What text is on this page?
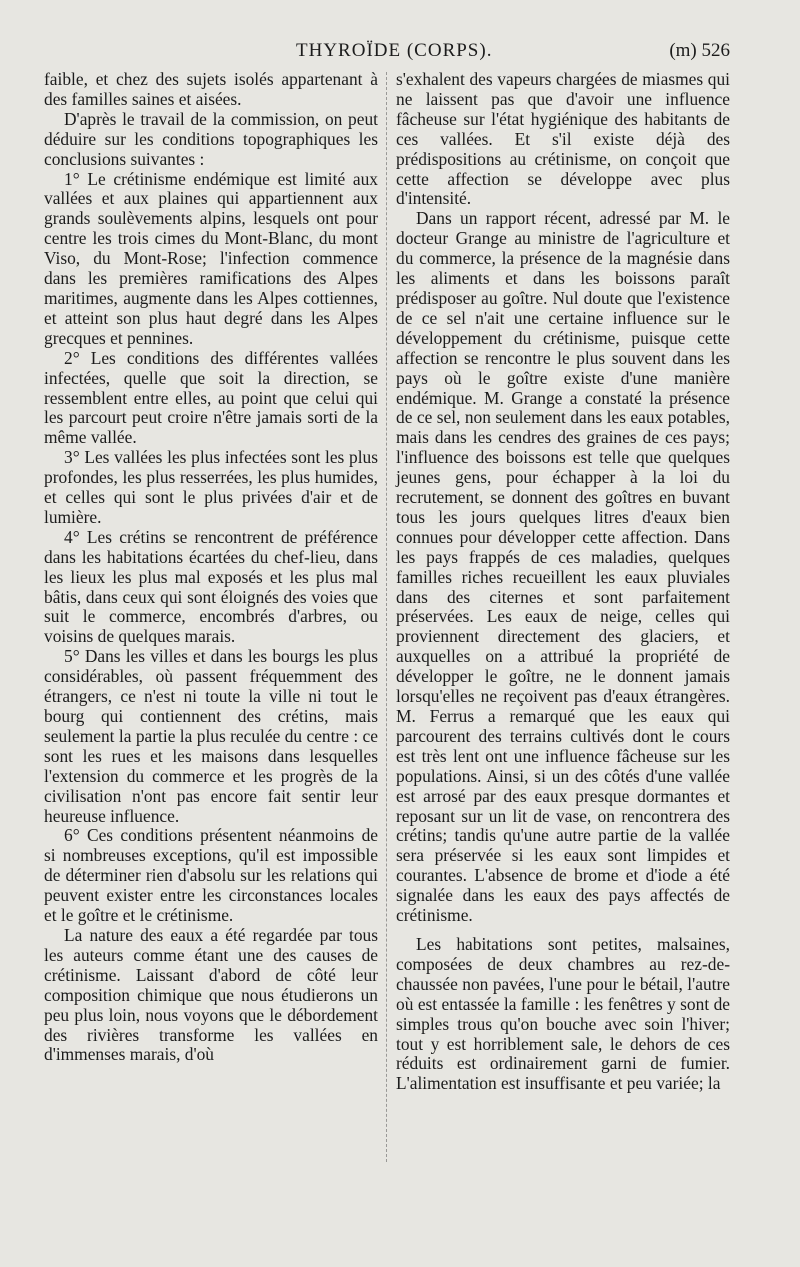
THYROÏDE (CORPS).	(m) 526

faible, et chez des sujets isolés appartenant à des familles saines et aisées.

D'après le travail de la commission, on peut déduire sur les conditions topographiques les conclusions suivantes :

1° Le crétinisme endémique est limité aux vallées et aux plaines qui appartiennent aux grands soulèvements alpins, lesquels ont pour centre les trois cimes du Mont-Blanc, du mont Viso, du Mont-Rose; l'infection commence dans les premières ramifications des Alpes maritimes, augmente dans les Alpes cottiennes, et atteint son plus haut degré dans les Alpes grecques et pennines.

2° Les conditions des différentes vallées infectées, quelle que soit la direction, se ressemblent entre elles, au point que celui qui les parcourt peut croire n'être jamais sorti de la même vallée.

3° Les vallées les plus infectées sont les plus profondes, les plus resserrées, les plus humides, et celles qui sont le plus privées d'air et de lumière.

4° Les crétins se rencontrent de préférence dans les habitations écartées du chef-lieu, dans les lieux les plus mal exposés et les plus mal bâtis, dans ceux qui sont éloignés des voies que suit le commerce, encombrés d'arbres, ou voisins de quelques marais.

5° Dans les villes et dans les bourgs les plus considérables, où passent fréquemment des étrangers, ce n'est ni toute la ville ni tout le bourg qui contiennent des crétins, mais seulement la partie la plus reculée du centre : ce sont les rues et les maisons dans lesquelles l'extension du commerce et les progrès de la civilisation n'ont pas encore fait sentir leur heureuse influence.

6° Ces conditions présentent néanmoins de si nombreuses exceptions, qu'il est impossible de déterminer rien d'absolu sur les relations qui peuvent exister entre les circonstances locales et le goître et le crétinisme.

La nature des eaux a été regardée par tous les auteurs comme étant une des causes de crétinisme. Laissant d'abord de côté leur composition chimique que nous étudierons un peu plus loin, nous voyons que le débordement des rivières transforme les vallées en d'immenses marais, d'où

s'exhalent des vapeurs chargées de miasmes qui ne laissent pas que d'avoir une influence fâcheuse sur l'état hygiénique des habitants de ces vallées. Et s'il existe déjà des prédispositions au crétinisme, on conçoit que cette affection se développe avec plus d'intensité.

Dans un rapport récent, adressé par M. le docteur Grange au ministre de l'agriculture et du commerce, la présence de la magnésie dans les aliments et dans les boissons paraît prédisposer au goître. Nul doute que l'existence de ce sel n'ait une certaine influence sur le développement du crétinisme, puisque cette affection se rencontre le plus souvent dans les pays où le goître existe d'une manière endémique. M. Grange a constaté la présence de ce sel, non seulement dans les eaux potables, mais dans les cendres des graines de ces pays; l'influence des boissons est telle que quelques jeunes gens, pour échapper à la loi du recrutement, se donnent des goîtres en buvant tous les jours quelques litres d'eaux bien connues pour développer cette affection. Dans les pays frappés de ces maladies, quelques familles riches recueillent les eaux pluviales dans des citernes et sont parfaitement préservées. Les eaux de neige, celles qui proviennent directement des glaciers, et auxquelles on a attribué la propriété de développer le goître, ne le donnent jamais lorsqu'elles ne reçoivent pas d'eaux étrangères. M. Ferrus a remarqué que les eaux qui parcourent des terrains cultivés dont le cours est très lent ont une influence fâcheuse sur les populations. Ainsi, si un des côtés d'une vallée est arrosé par des eaux presque dormantes et reposant sur un lit de vase, on rencontrera des crétins; tandis qu'une autre partie de la vallée sera préservée si les eaux sont limpides et courantes. L'absence de brome et d'iode a été signalée dans les eaux des pays affectés de crétinisme.

Les habitations sont petites, malsaines, composées de deux chambres au rez-de-chaussée non pavées, l'une pour le bétail, l'autre où est entassée la famille : les fenêtres y sont de simples trous qu'on bouche avec soin l'hiver; tout y est horriblement sale, le dehors de ces réduits est ordinairement garni de fumier. L'alimentation est insuffisante et peu variée; la
